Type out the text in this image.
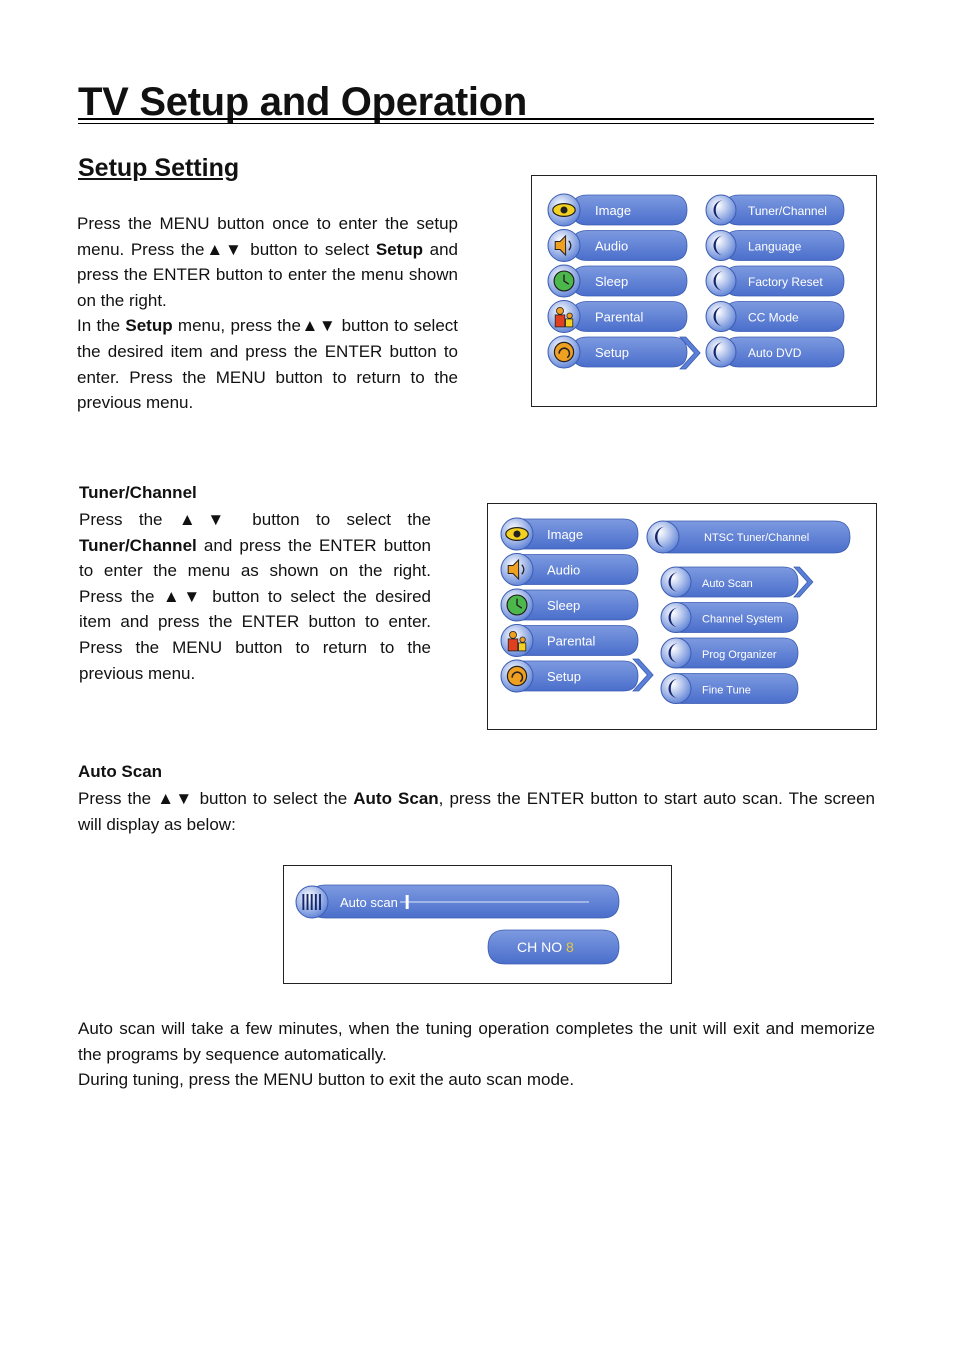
TV Setup and Operation
Setup Setting
Press the MENU button once to enter the setup menu. Press the▲▼ button to select Setup and press the ENTER button to enter the menu shown on the right.
In the Setup menu, press the▲▼ button to select the desired item and press the ENTER button to enter. Press the MENU button to return to the previous menu.
Image
Audio
Sleep
Parental
Setup
Tuner/Channel
Language
Factory Reset
CC Mode
Auto DVD
Tuner/Channel
Press the ▲▼ button to select the Tuner/Channel and press the ENTER button to enter the menu as shown on the right. Press the ▲▼ button to select the desired item and press the ENTER button to enter. Press the MENU button to return to the previous menu.
Image
Audio
Sleep
Parental
Setup
NTSC Tuner/Channel
Auto Scan
Channel System
Prog Organizer
Fine Tune
Auto Scan
Press the ▲▼ button to select the Auto Scan, press the ENTER button to start auto scan. The screen will display as below:
Auto scan
CH NO 8
Auto scan will take a few minutes, when the tuning operation completes the unit will exit and memorize the programs by sequence automatically.
During tuning, press the MENU button to exit the auto scan mode.
